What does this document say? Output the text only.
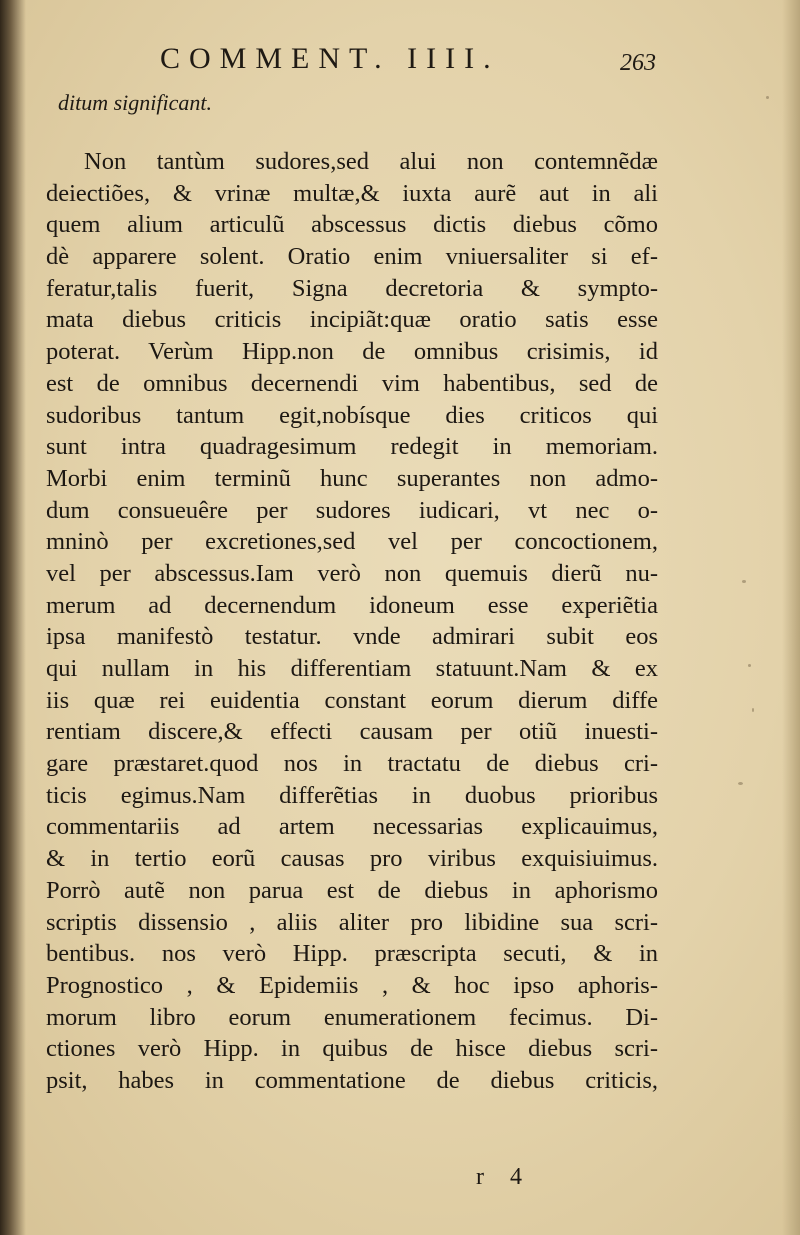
COMMENT. IIII.	263
ditum significant.
Non tantùm sudores,sed alui non contemnẽdæ
deiectiões, & vrinæ multæ,& iuxta aurẽ aut in ali
quem alium articulũ abscessus dictis diebus cõmo
dè apparere solent. Oratio enim vniuersaliter si ef-
feratur,talis fuerit, Signa decretoria & sympto-
mata diebus criticis incipiãt:quæ oratio satis esse
poterat. Verùm Hipp.non de omnibus crisimis, id
est de omnibus decernendi vim habentibus, sed de
sudoribus tantum egit,nobísque dies criticos qui
sunt intra quadragesimum redegit in memoriam.
Morbi enim terminũ hunc superantes non admo-
dum consueuêre per sudores iudicari, vt nec o-
mninò per excretiones,sed vel per concoctionem,
vel per abscessus.Iam verò non quemuis dierũ nu-
merum ad decernendum idoneum esse experiẽtia
ipsa manifestò testatur. vnde admirari subit eos
qui nullam in his differentiam statuunt.Nam & ex
iis quæ rei euidentia constant eorum dierum diffe
rentiam discere,& effecti causam per otiũ inuesti-
gare præstaret.quod nos in tractatu de diebus cri-
ticis egimus.Nam differẽtias in duobus prioribus
commentariis ad artem necessarias explicauimus,
& in tertio eorũ causas pro viribus exquisiuimus.
Porrò autẽ non parua est de diebus in aphorismo
scriptis dissensio , aliis aliter pro libidine sua scri-
bentibus. nos verò Hipp. præscripta secuti, & in
Prognostico , & Epidemiis , & hoc ipso aphoris-
morum libro eorum enumerationem fecimus. Di-
ctiones verò Hipp. in quibus de hisce diebus scri-
psit, habes in commentatione de diebus criticis,
r 4
